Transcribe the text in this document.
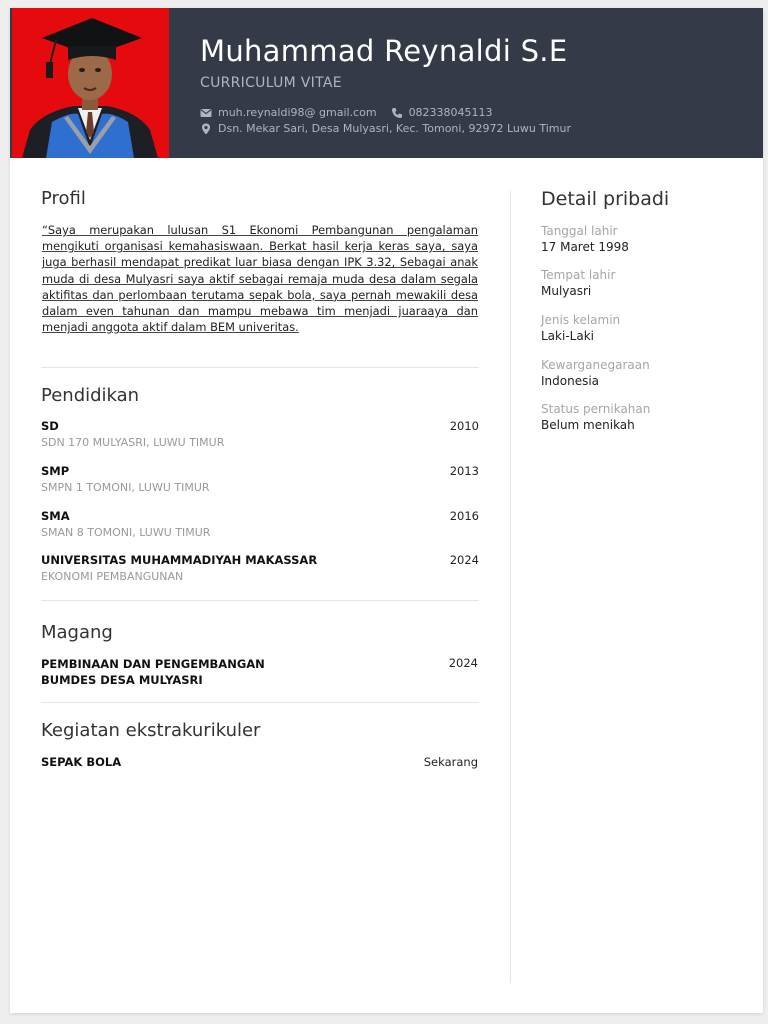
Muhammad Reynaldi S.E
CURRICULUM VITAE
muh.reynaldi98@ gmail.com	082338045113
Dsn. Mekar Sari, Desa Mulyasri, Kec. Tomoni, 92972 Luwu Timur
Profil
“Saya merupakan lulusan S1 Ekonomi Pembangunan pengalaman mengikuti organisasi kemahasiswaan. Berkat hasil kerja keras saya, saya juga berhasil mendapat predikat luar biasa dengan IPK 3.32, Sebagai anak muda di desa Mulyasri saya aktif sebagai remaja muda desa dalam segala aktifitas dan perlombaan terutama sepak bola, saya pernah mewakili desa dalam even tahunan dan mampu mebawa tim menjadi juaraaya dan menjadi anggota aktif dalam BEM univeritas.
Pendidikan
SD
SDN 170 MULYASRI, LUWU TIMUR
2010
SMP
SMPN 1 TOMONI, LUWU TIMUR
2013
SMA
SMAN 8 TOMONI, LUWU TIMUR
2016
UNIVERSITAS MUHAMMADIYAH MAKASSAR
EKONOMI PEMBANGUNAN
2024
Magang
PEMBINAAN DAN PENGEMBANGAN BUMDES DESA MULYASRI
2024
Kegiatan ekstrakurikuler
SEPAK BOLA	Sekarang
Detail pribadi
Tanggal lahir
17 Maret 1998
Tempat lahir
Mulyasri
Jenis kelamin
Laki-Laki
Kewarganegaraan
Indonesia
Status pernikahan
Belum menikah
